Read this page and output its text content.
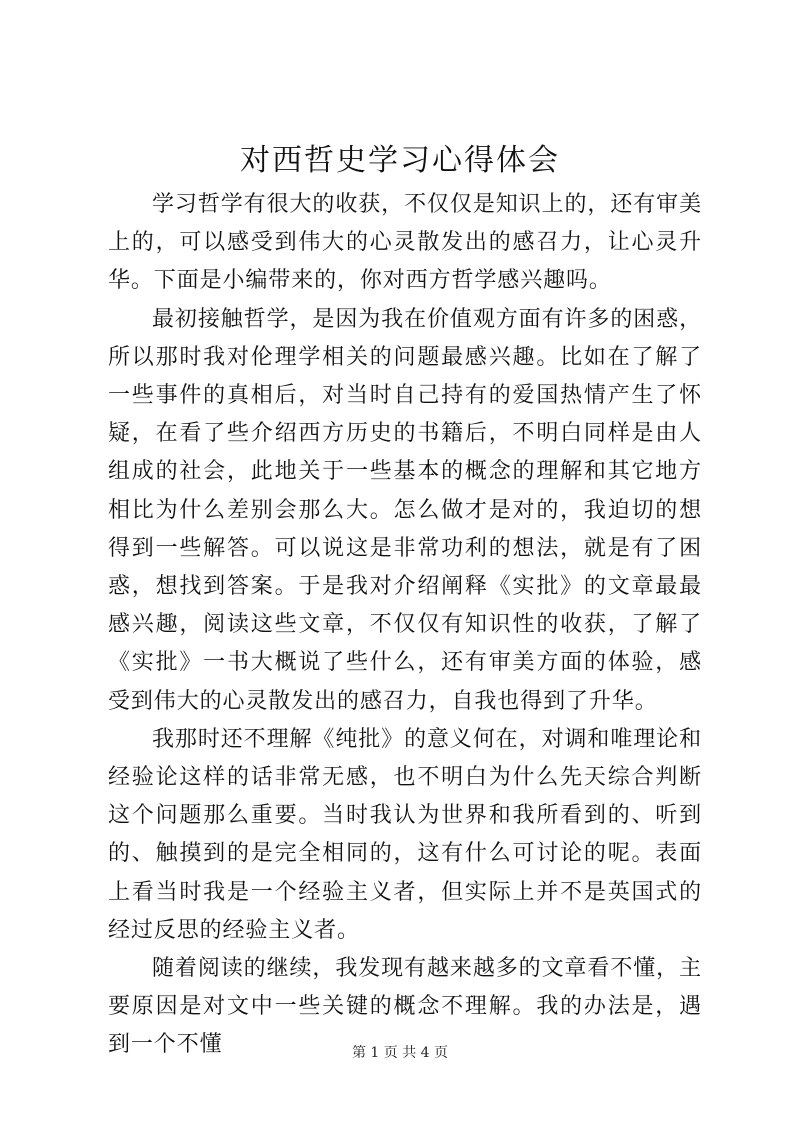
对西哲史学习心得体会

学习哲学有很大的收获，不仅仅是知识上的，还有审美上的，可以感受到伟大的心灵散发出的感召力，让心灵升华。下面是小编带来的，你对西方哲学感兴趣吗。

最初接触哲学，是因为我在价值观方面有许多的困惑，所以那时我对伦理学相关的问题最感兴趣。比如在了解了一些事件的真相后，对当时自己持有的爱国热情产生了怀疑，在看了些介绍西方历史的书籍后，不明白同样是由人组成的社会，此地关于一些基本的概念的理解和其它地方相比为什么差别会那么大。怎么做才是对的，我迫切的想得到一些解答。可以说这是非常功利的想法，就是有了困惑，想找到答案。于是我对介绍阐释《实批》的文章最最感兴趣，阅读这些文章，不仅仅有知识性的收获，了解了《实批》一书大概说了些什么，还有审美方面的体验，感受到伟大的心灵散发出的感召力，自我也得到了升华。

我那时还不理解《纯批》的意义何在，对调和唯理论和经验论这样的话非常无感，也不明白为什么先天综合判断这个问题那么重要。当时我认为世界和我所看到的、听到的、触摸到的是完全相同的，这有什么可讨论的呢。表面上看当时我是一个经验主义者，但实际上并不是英国式的经过反思的经验主义者。

随着阅读的继续，我发现有越来越多的文章看不懂，主要原因是对文中一些关键的概念不理解。我的办法是，遇到一个不懂	第 1 页 共 4 页
